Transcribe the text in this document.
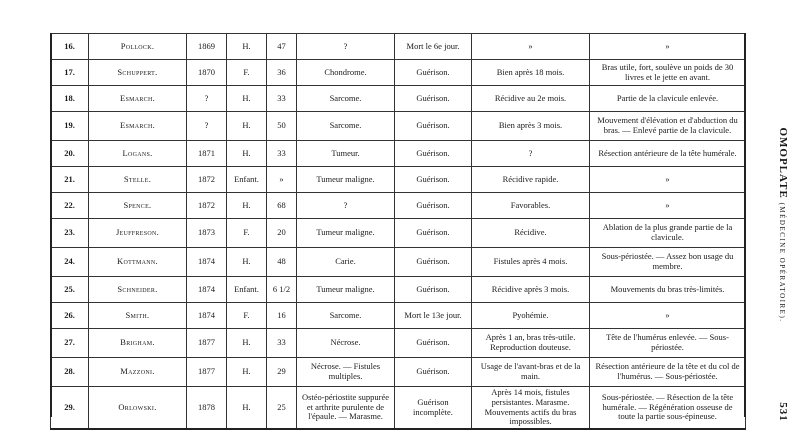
16.	Pollock.	1869	H.	47	?	Mort le 6e jour.	»	»
17.	Schuppert.	1870	F.	36	Chondrome.	Guérison.	Bien après 18 mois.	Bras utile, fort, soulève un poids de 30 livres et le jette en avant.
18.	Esmarch.	?	H.	33	Sarcome.	Guérison.	Récidive au 2e mois.	Partie de la clavicule enlevée.
19.	Esmarch.	?	H.	50	Sarcome.	Guérison.	Bien après 3 mois.	Mouvement d'élévation et d'abduction du bras. — Enlevé partie de la clavicule.
20.	Logans.	1871	H.	33	Tumeur.	Guérison.	?	Résection antérieure de la tête humérale.
21.	Stelle.	1872	Enfant.	»	Tumeur maligne.	Guérison.	Récidive rapide.	»
22.	Spence.	1872	H.	68	?	Guérison.	Favorables.	»
23.	Jeuffreson.	1873	F.	20	Tumeur maligne.	Guérison.	Récidive.	Ablation de la plus grande partie de la clavicule.
24.	Kottmann.	1874	H.	48	Carie.	Guérison.	Fistules après 4 mois.	Sous-périostée. — Assez bon usage du membre.
25.	Schneider.	1874	Enfant.	6 1/2	Tumeur maligne.	Guérison.	Récidive après 3 mois.	Mouvements du bras très-limités.
26.	Smith.	1874	F.	16	Sarcome.	Mort le 13e jour.	Pyohémie.	»
27.	Brigham.	1877	H.	33	Nécrose.	Guérison.	Après 1 an, bras très-utile. Reproduction douteuse.	Tête de l'humérus enlevée. — Sous-périostée.
28.	Mazzoni.	1877	H.	29	Nécrose. — Fistules multiples.	Guérison.	Usage de l'avant-bras et de la main.	Résection antérieure de la tête et du col de l'humérus. — Sous-périostée.
29.	Orlowski.	1878	H.	25	Ostéo-périostite suppurée et arthrite purulente de l'épaule. — Marasme.	Guérison incomplète.	Après 14 mois, fistules persistantes. Marasme. Mouvements actifs du bras impossibles.	Sous-périostée. — Résection de la tête humérale. — Régénération osseuse de toute la partie sous-épineuse.
OMOPLATE (MÉDECINE OPÉRATOIRE).
531
